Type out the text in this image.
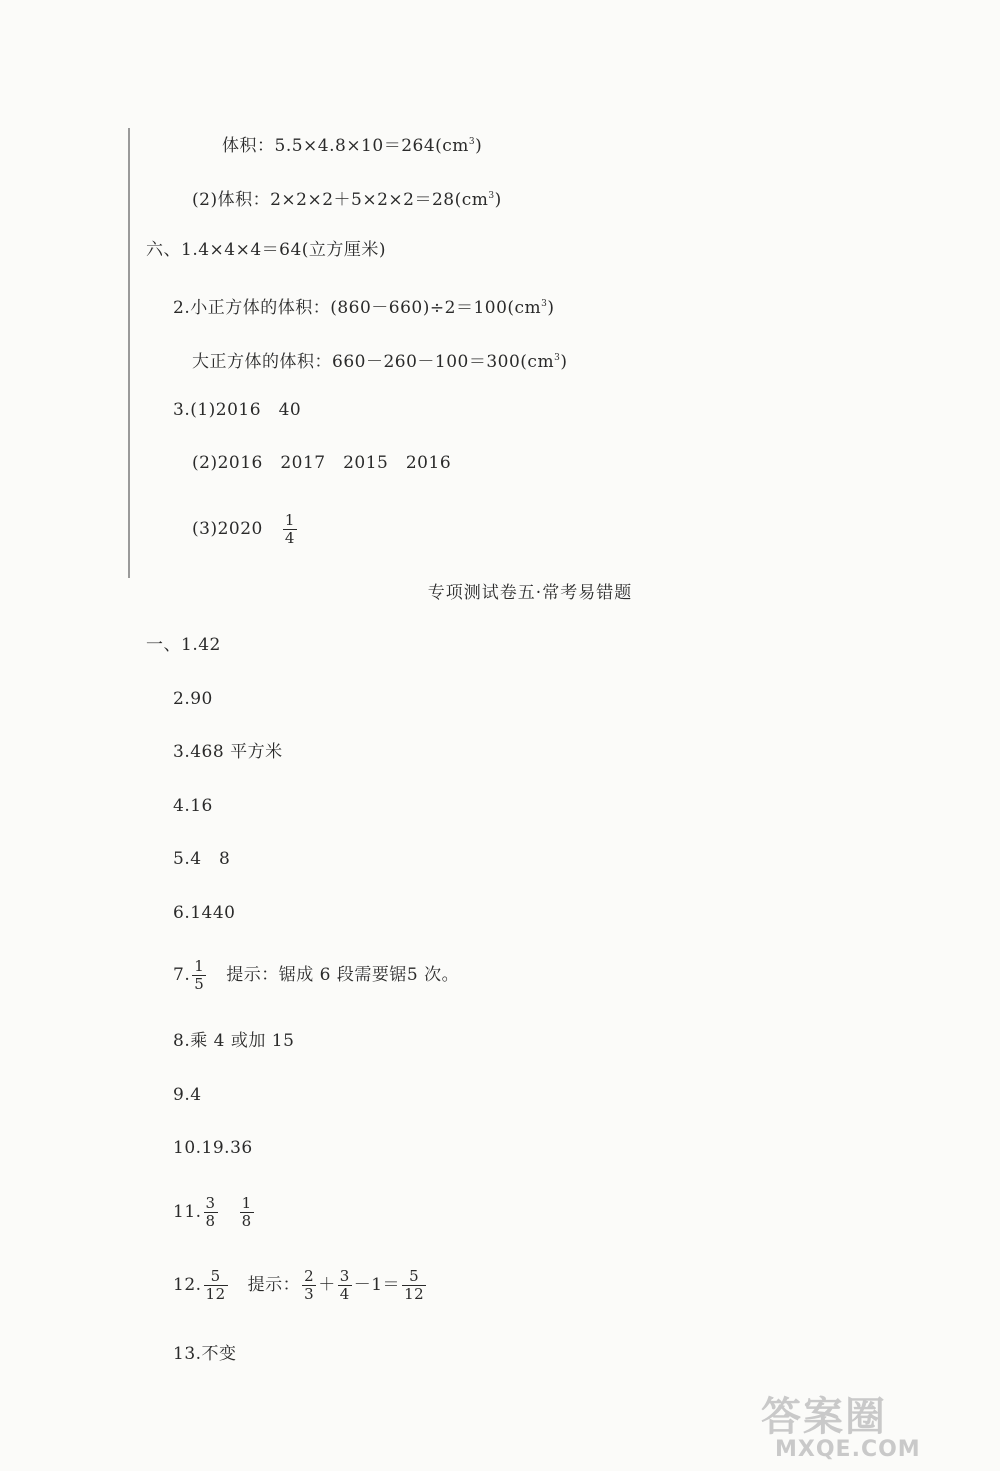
体积：$5.5\times 4.8\times 10=264(cm^3)$
(2)体积：$2\times 2\times 2+5\times 2\times 2=28(cm^3)$
六、1.4×4×4＝64(立方厘米)
2.小正方体的体积：$(860-660)\div 2=100(cm^3)$
大正方体的体积：$660-260-100=300(cm^3)$
3.(1)2016　40
(2)2016　2017　2015　2016
$(3)2020 \frac{1}{4}$
专项测试卷五·常考易错题
一、1.42
2.90
3.468 平方米
4.16
5.4　8
6.1440
7. $\frac{1}{5}$ 提示：锯成 6 段需要锯5 次。
8.乘 4 或加 15
9.4
10.19.36
11. $\frac{3}{8} \frac{1}{8}$
12. $\frac{5}{12}$ 提示： $\frac{2}{3} + \frac{3}{4} -1= \frac{5}{12}$
13.不变
答案圈
MXQE.COM
